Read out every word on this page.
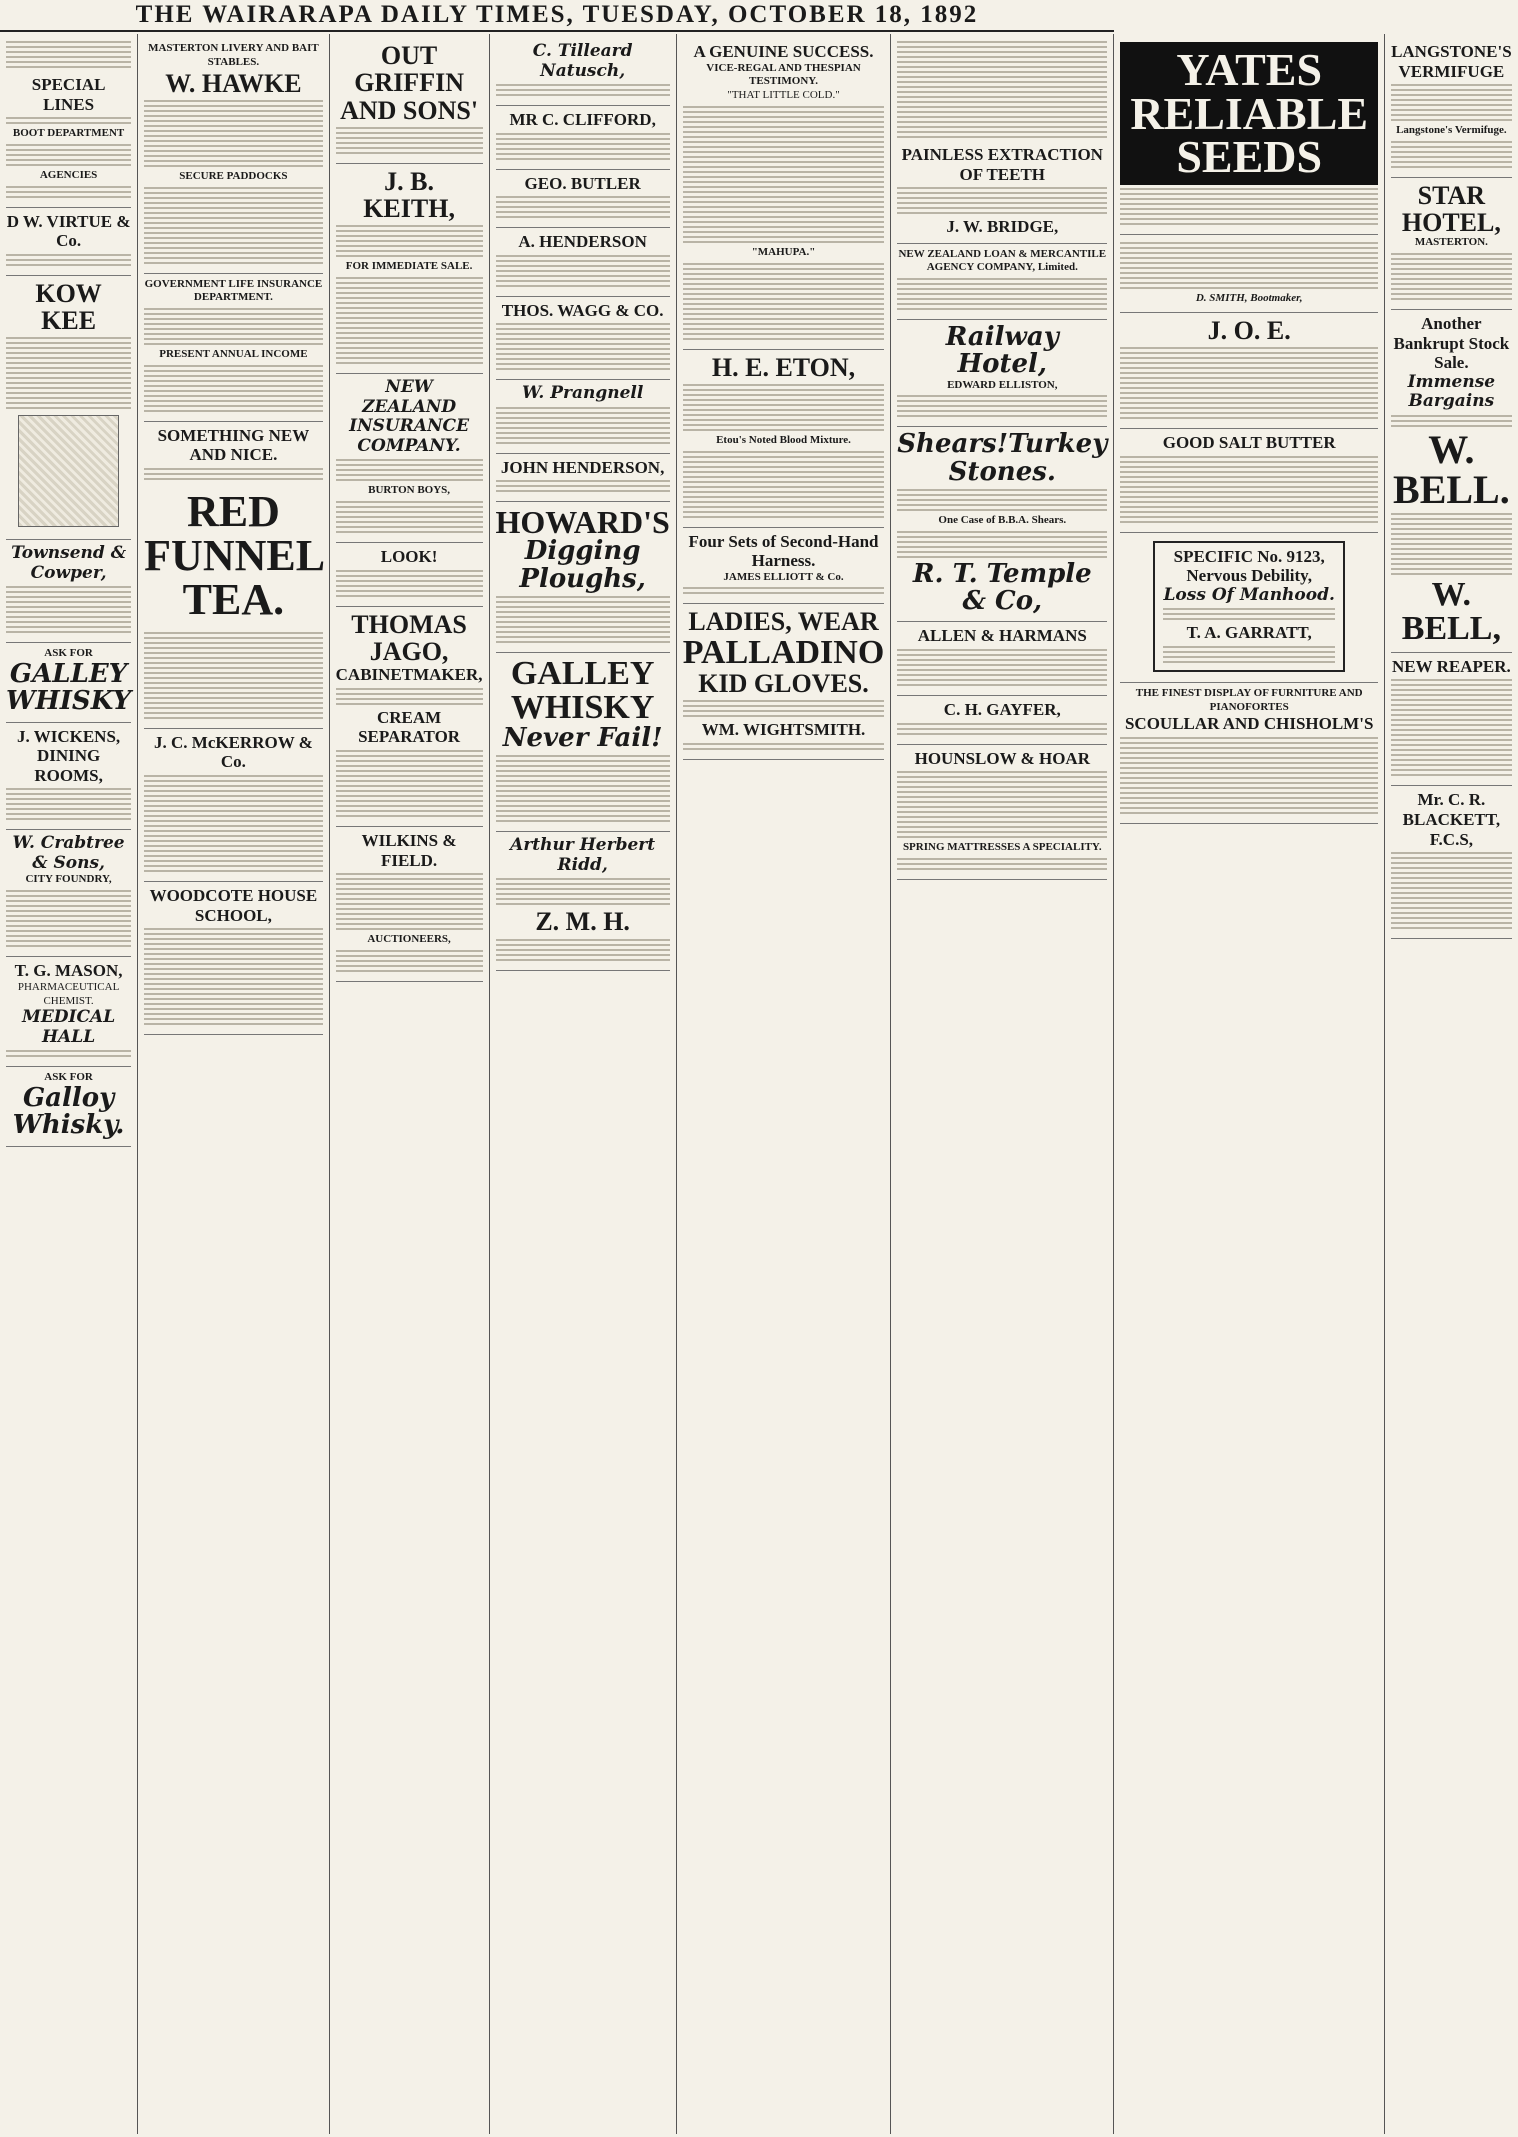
THE WAIRARAPA DAILY TIMES, TUESDAY, OCTOBER 18, 1892
SPECIAL LINES
BOOT DEPARTMENT
AGENCIES
D W. VIRTUE & Co.
KOW KEE
Townsend & Cowper,
ASK FOR
GALLEY WHISKY
J. WICKENS,
DINING ROOMS,
W. Crabtree & Sons,
CITY FOUNDRY,
T. G. MASON,
PHARMACEUTICAL CHEMIST.
MEDICAL HALL
ASK FOR
Galloy Whisky.
MASTERTON LIVERY AND BAIT STABLES.
W. HAWKE
SECURE PADDOCKS
GOVERNMENT LIFE INSURANCE DEPARTMENT.
PRESENT ANNUAL INCOME
SOMETHING NEW AND NICE.
RED FUNNEL TEA.
J. C. McKERROW & Co.
WOODCOTE HOUSE SCHOOL,
OUT GRIFFIN AND SONS'
J. B. KEITH,
FOR IMMEDIATE SALE.
NEW ZEALAND INSURANCE COMPANY.
BURTON BOYS,
LOOK!
THOMAS JAGO,
CABINETMAKER,
CREAM SEPARATOR
WILKINS & FIELD.
AUCTIONEERS,
C. Tilleard Natusch,
MR C. CLIFFORD,
GEO. BUTLER
A. HENDERSON
THOS. WAGG & CO.
W. Prangnell
JOHN HENDERSON,
HOWARD'S
Digging Ploughs,
GALLEY WHISKY
Never Fail!
Arthur Herbert Ridd,
Z. M. H.
A GENUINE SUCCESS.
VICE-REGAL AND THESPIAN TESTIMONY.
"THAT LITTLE COLD."
"MAHUPA."
H. E. ETON,
Etou's Noted Blood Mixture.
Four Sets of Second-Hand Harness.
JAMES ELLIOTT & Co.
LADIES, WEAR
PALLADINO
KID GLOVES.
WM. WIGHTSMITH.
PAINLESS EXTRACTION OF TEETH
J. W. BRIDGE,
NEW ZEALAND LOAN & MERCANTILE AGENCY COMPANY, Limited.
Railway Hotel,
EDWARD ELLISTON,
Shears!Turkey Stones.
One Case of B.B.A. Shears.
R. T. Temple & Co,
ALLEN & HARMANS
C. H. GAYFER,
HOUNSLOW & HOAR
SPRING MATTRESSES A SPECIALITY.
YATES RELIABLE SEEDS
D. SMITH, Bootmaker,
J. O. E.
GOOD SALT BUTTER
SPECIFIC No. 9123,
Nervous Debility,
Loss Of Manhood.
T. A. GARRATT,
THE FINEST DISPLAY OF FURNITURE AND PIANOFORTES
SCOULLAR AND CHISHOLM'S
LANGSTONE'S VERMIFUGE
Langstone's Vermifuge.
STAR HOTEL,
MASTERTON.
Another Bankrupt Stock Sale.
Immense Bargains
W. BELL.
W. BELL,
NEW REAPER.
Mr. C. R. BLACKETT, F.C.S,
